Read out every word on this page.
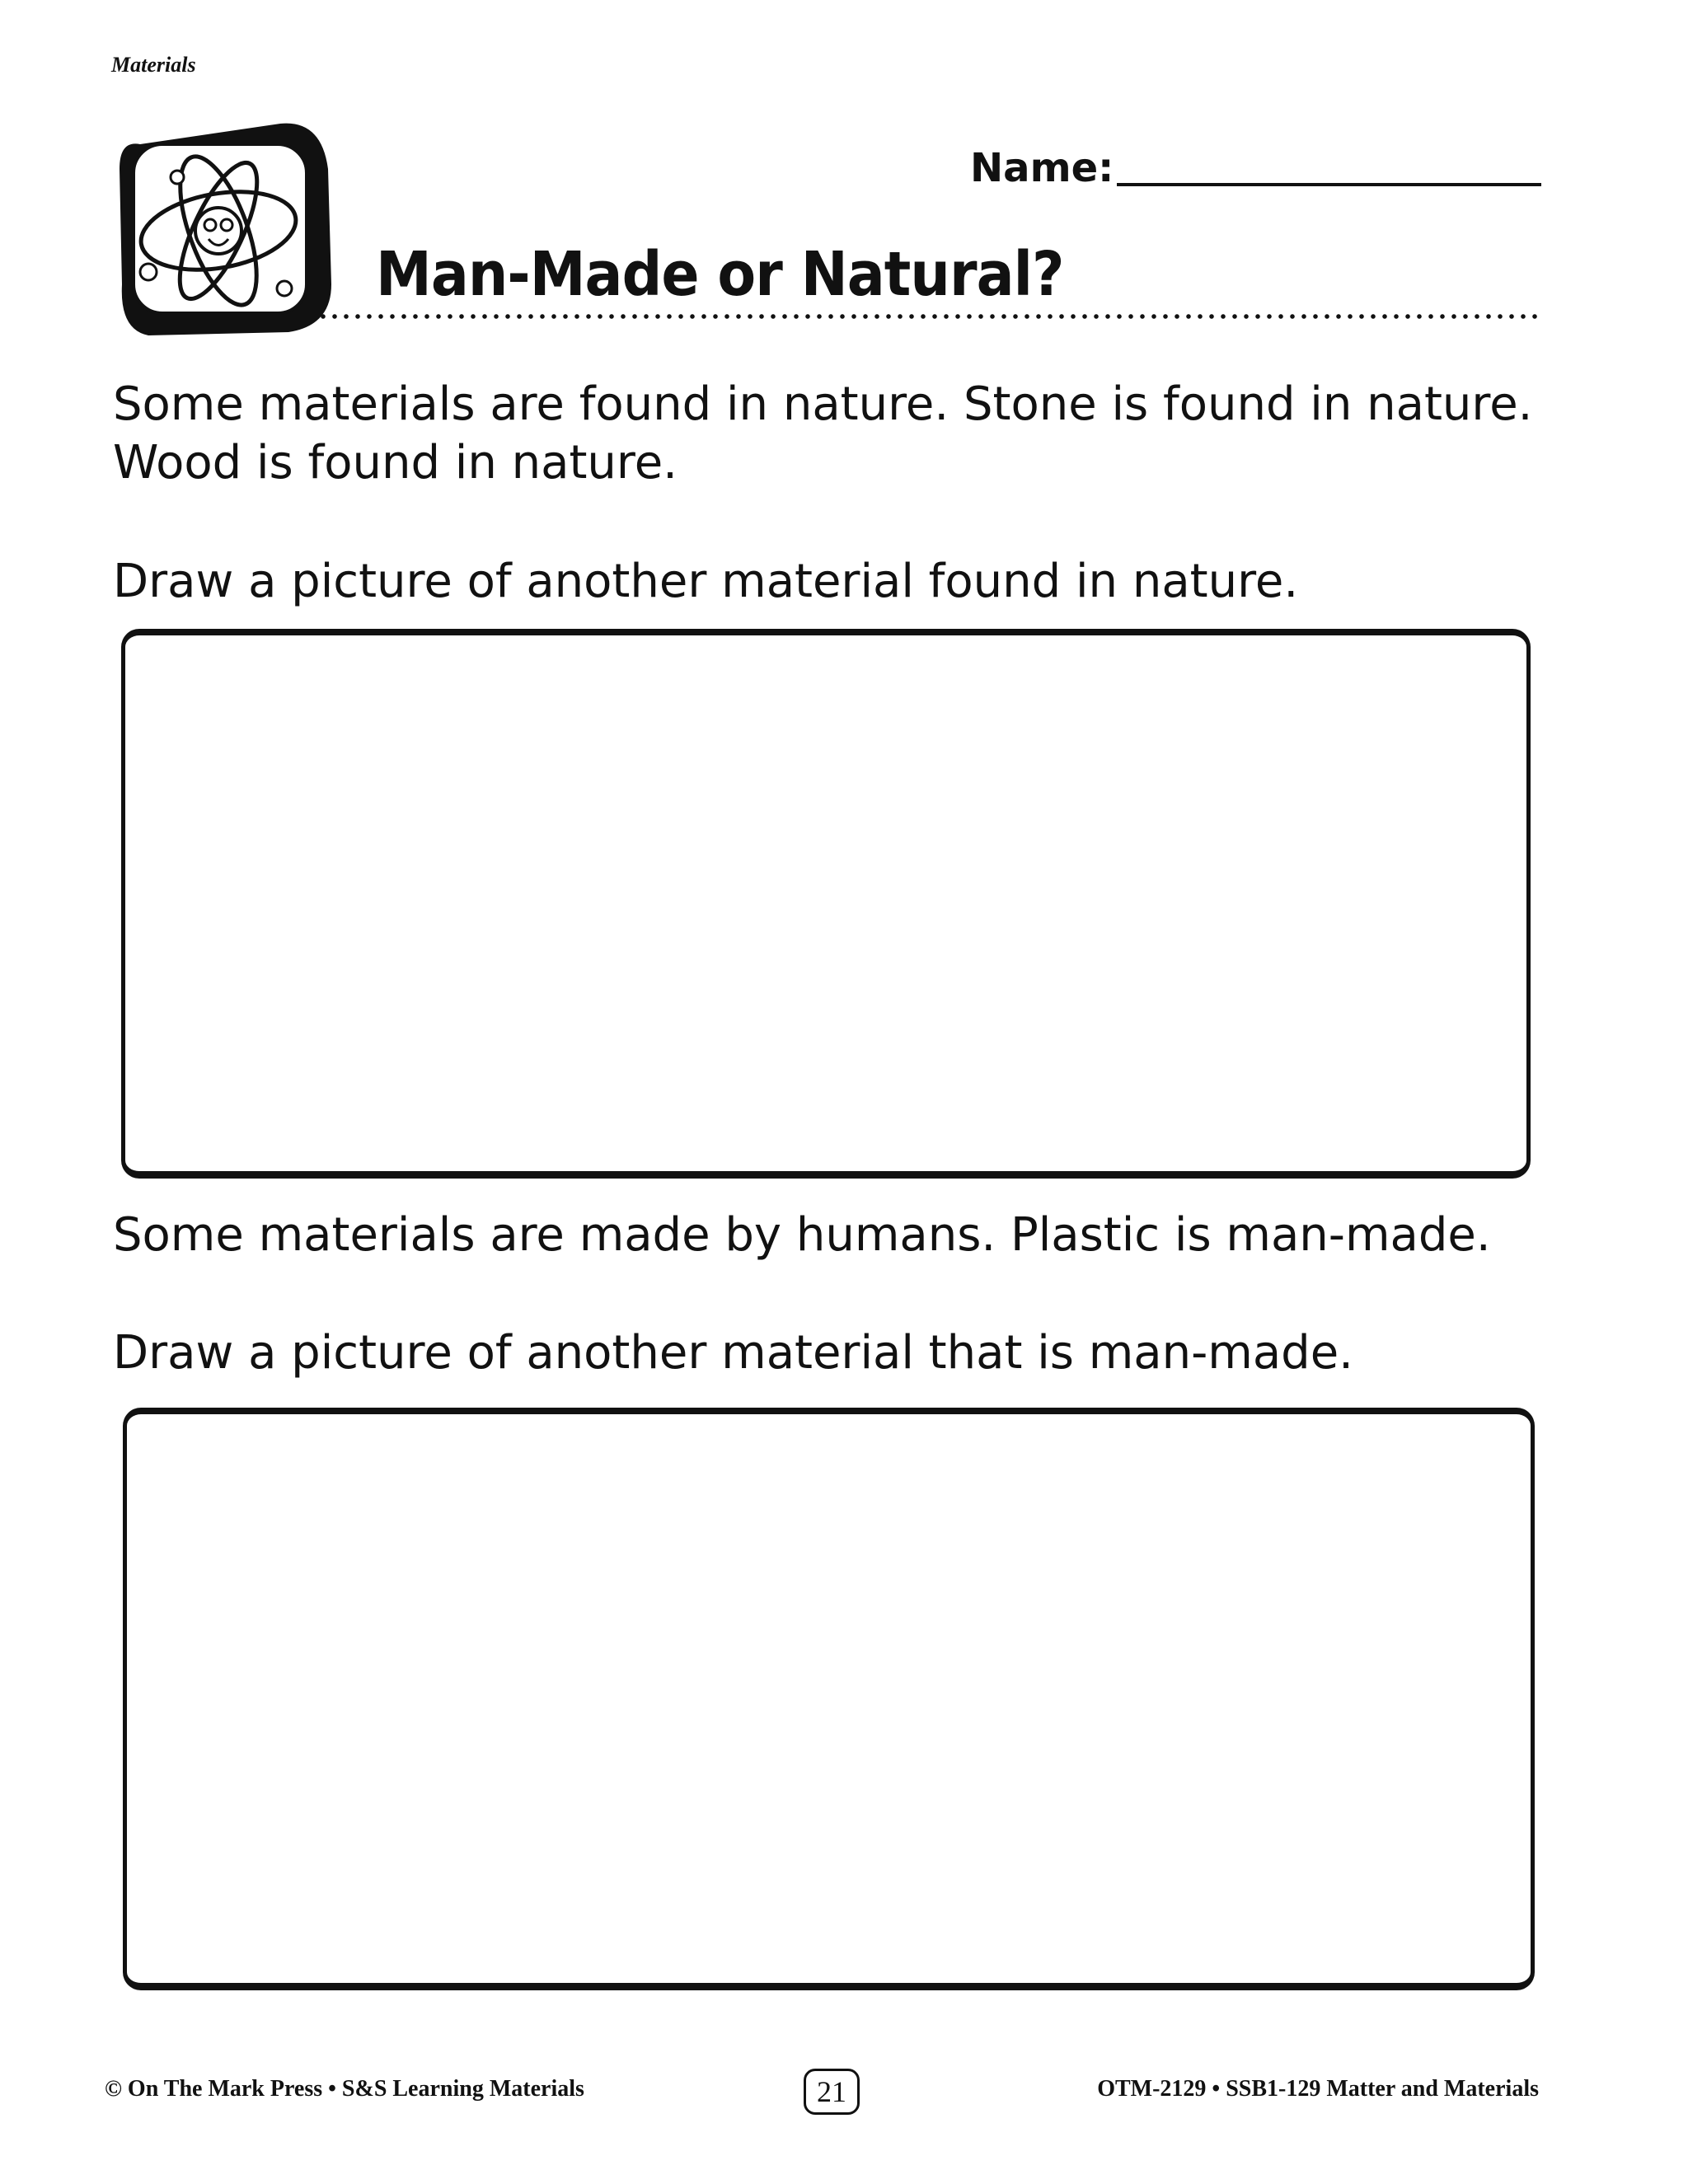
Materials
Name:
Man-Made or Natural?
Some materials are found in nature. Stone is found in nature.
Wood is found in nature.
Draw a picture of another material found in nature.
Some materials are made by humans. Plastic is man-made.
Draw a picture of another material that is man-made.
© On The Mark Press • S&S Learning Materials	21	OTM-2129 • SSB1-129 Matter and Materials
